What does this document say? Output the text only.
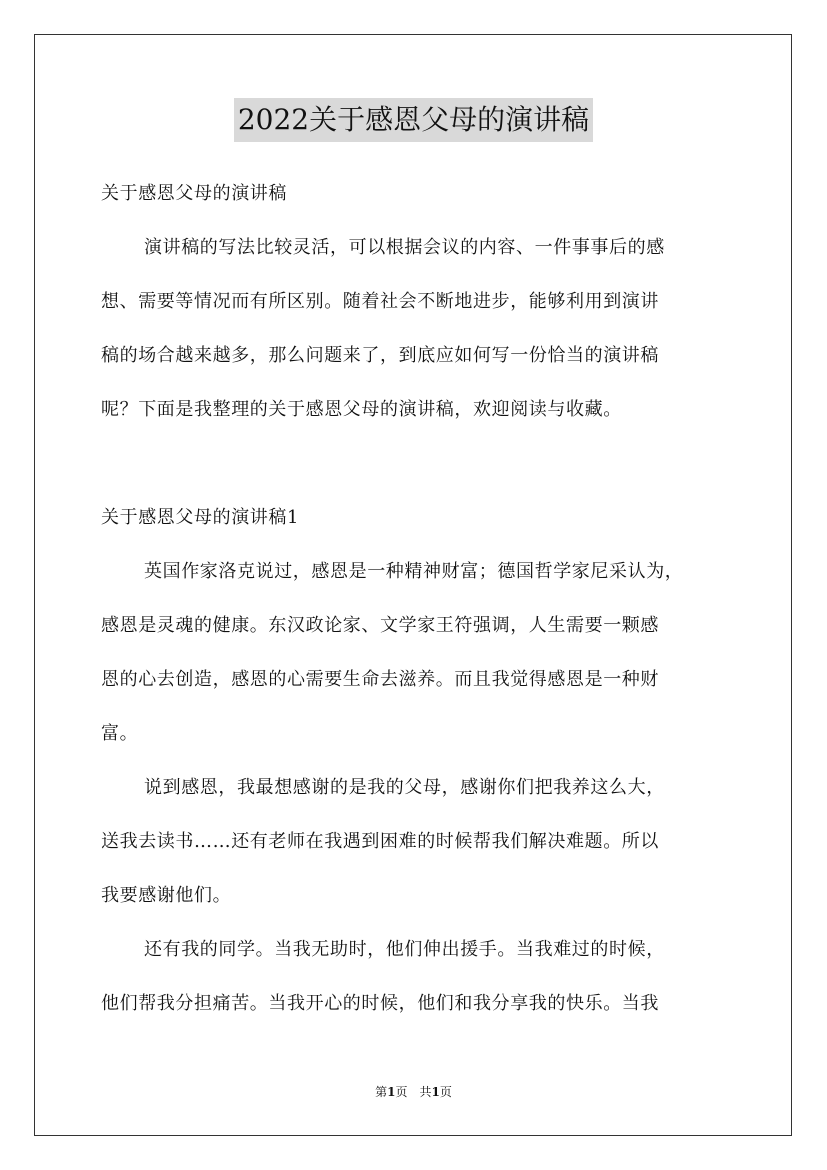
2022关于感恩父母的演讲稿
关于感恩父母的演讲稿
演讲稿的写法比较灵活，可以根据会议的内容、一件事事后的感
想、需要等情况而有所区别。随着社会不断地进步，能够利用到演讲
稿的场合越来越多，那么问题来了，到底应如何写一份恰当的演讲稿
呢？下面是我整理的关于感恩父母的演讲稿，欢迎阅读与收藏。
关于感恩父母的演讲稿1
英国作家洛克说过，感恩是一种精神财富；德国哲学家尼采认为，
感恩是灵魂的健康。东汉政论家、文学家王符强调，人生需要一颗感
恩的心去创造，感恩的心需要生命去滋养。而且我觉得感恩是一种财
富。
说到感恩，我最想感谢的是我的父母，感谢你们把我养这么大，
送我去读书……还有老师在我遇到困难的时候帮我们解决难题。所以
我要感谢他们。
还有我的同学。当我无助时，他们伸出援手。当我难过的时候，
他们帮我分担痛苦。当我开心的时候，他们和我分享我的快乐。当我
第1页　共1页
